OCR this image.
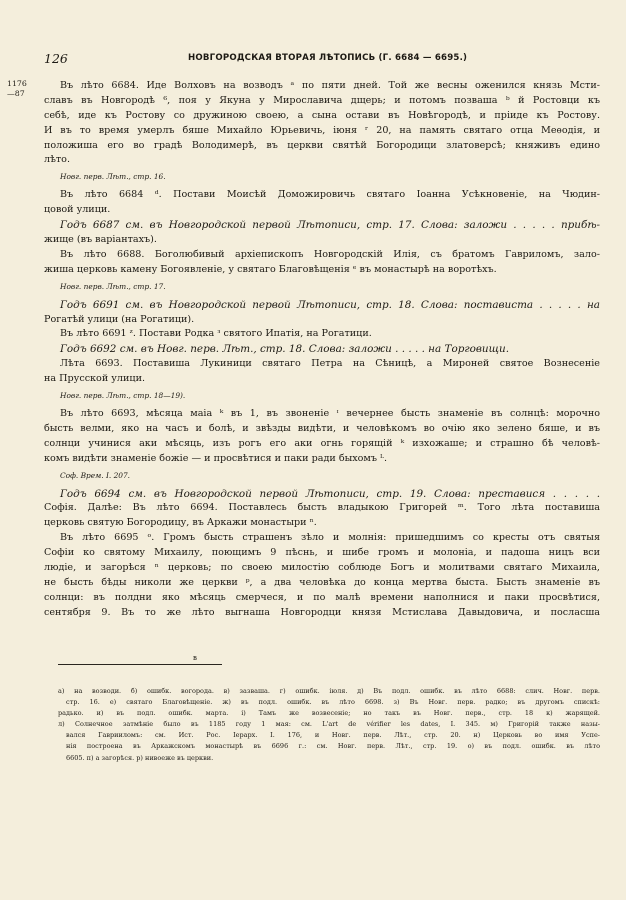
126	НОВГОРОДСКАЯ ВТОРАЯ ЛѢТОПИСЬ (Г. 6684 — 6695.)
1176
—87
Въ лѣто 6684. Иде Волховъ на возводъ ᵃ по пяти дней. Той же весны оженился князь Мсти-
славъ въ Новгородѣ ⁶, поя у Якуна у Мирославича дщерь; и потомъ позваша ᵇ й Ростовци къ
себѣ, иде къ Ростову со дружиною своею, а сына остави въ Новѣгородѣ, и прiиде къ Ростову.
И въ то время умерлъ бяше Михайло Юрьевичь, iюня ʳ 20, на память святаго отца Меѳодiя, и
положиша его во градѣ Володимерѣ, въ церкви святѣй Богородици златоверсѣ; княживъ едино
лѣто.
Новг. перв. Лѣт., стр. 16.
Въ лѣто 6684 ᵈ. Постави Моисѣй Доможировичь святаго Iоанна Усѣкновенiе, на Чюдин-
цовой улици.
Годъ 6687 см. въ Новгородской первой Лѣтописи, стр. 17. Слова: заложи . . . . . прибѣ-
жище (въ варiантахъ).
Въ лѣто 6688. Боголюбивый архiепископъ Новгородскiй Илiя, съ братомъ Гавриломъ, зало-
жиша церковь камену Богоявленiе, у святаго Благовѣщенiя ᵉ въ монастырѣ на воротѣхъ.
Новг. перв. Лѣт., стр. 17.
Годъ 6691 см. въ Новгородской первой Лѣтописи, стр. 18. Слова: постависта . . . . . на
Рогатѣй улици (на Рогатици).
Въ лѣто 6691 ᶻ. Постави Родка ᶟ святого Ипатiя, на Рогатици.
Годъ 6692 см. въ Новг. перв. Лѣт., стр. 18. Слова: заложи . . . . . на Торговищи.
Лѣта 6693. Поставиша Лукиници святаго Петра на Сѣницѣ, а Мироней святое Вознесенiе
на Прусской улици.
Новг. перв. Лѣт., стр. 18—19).
Въ лѣто 6693, мѣсяца маiа ᵏ въ 1, въ звоненiе ᶦ вечернее бысть знаменiе въ солнцѣ: морочно
бысть велми, яко на часъ и болѣ, и звѣзды видѣти, и человѣкомъ во очiю яко зелено бяше, и въ
солнци учинися аки мѣсяць, изъ рогъ его аки огнь горящiй ᵏ изхожаше; и страшно бѣ человѣ-
комъ видѣти знаменiе божiе — и просвѣтися и паки ради быхомъ ᴸ.
Соф. Врем. I. 207.
Годъ 6694 см. въ Новгородской первой Лѣтописи, стр. 19. Слова: преставися . . . . .
Софiя. Далѣе: Въ лѣто 6694. Поставлесь бысть владыкою Григорей ᵐ. Того лѣта поставиша
церковь святую Богородицу, въ Аркажи монастыри ⁿ.
Въ лѣто 6695 ᵒ. Громъ бысть страшенъ зѣло и молнiя: пришедшимъ со кресты отъ святыя
Софiи ко святому Михаилу, поющимъ 9 пѣснь, и шибе громъ и молонiа, и падоша ницъ вси
людiе, и загорѣся ⁿ церковь; по своею милостiю соблюде Богъ и молитвами святаго Михаила,
не бысть бѣды николи же церкви ᵖ, а два человѣка до конца мертва быста. Бысть знаменiе въ
солнци: въ полдни яко мѣсяць смерчеся, и по малѣ времени наполнися и паки просвѣтися,
сентября 9. Въ то же лѣто выгнаша Новгородци князя Мстислава Давыдовича, и посласша
в
а) на возводи. б) ошибк. вогорода. в) зазваша. г) ошибк. iюля. д) Въ подл. ошибк. въ лѣто 6688: слич. Новг. перв.
стр. 16. е) святаго Благовѣщенiе. ж) въ подл. ошибк. въ лѣто 6698. з) Въ Новг. перв. радко; въ другомъ спискѣ:
радько. и) въ подл. ошибк. марта. i) Тамъ же возвесенiе; но такъ въ Новг. перв., стр. 18 к) жарящей.
л) Солнечное затмѣнiе было въ 1185 году 1 мая: см. L'art de vérifier les dates, I. 345. м) Григорiй также назы-
вался Гаврииломъ: см. Ист. Рос. Iерарх. I. 176, и Новг. перв. Лѣт., стр. 20. н) Церковь во имя Успе-
нiя построена въ Аркажскомъ монастырѣ въ 6696 г.: см. Новг. перв. Лѣт., стр. 19. о) въ подл. ошибк. въ лѣто
6605. п) а загорѣся. р) нивоеже въ церкви.
